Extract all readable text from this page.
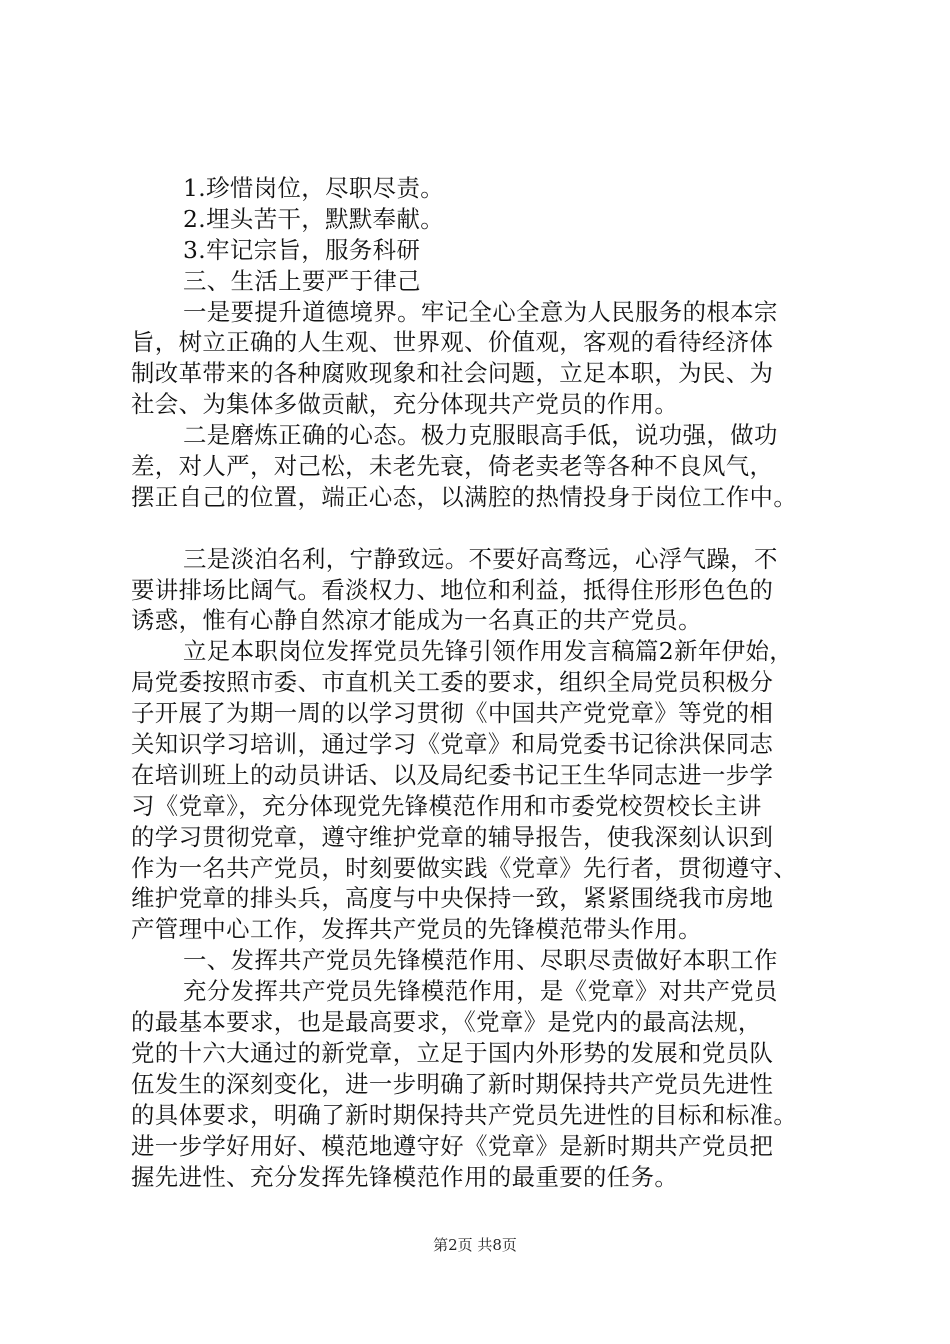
1.珍惜岗位，尽职尽责。
2.埋头苦干，默默奉献。
3.牢记宗旨，服务科研
三、生活上要严于律己
一是要提升道德境界。牢记全心全意为人民服务的根本宗
旨，树立正确的人生观、世界观、价值观，客观的看待经济体
制改革带来的各种腐败现象和社会问题，立足本职，为民、为
社会、为集体多做贡献，充分体现共产党员的作用。
二是磨炼正确的心态。极力克服眼高手低，说功强，做功
差，对人严，对己松，未老先衰，倚老卖老等各种不良风气，
摆正自己的位置，端正心态，以满腔的热情投身于岗位工作中。
三是淡泊名利，宁静致远。不要好高骛远，心浮气躁，不
要讲排场比阔气。看淡权力、地位和利益，抵得住形形色色的
诱惑，惟有心静自然凉才能成为一名真正的共产党员。
立足本职岗位发挥党员先锋引领作用发言稿篇2新年伊始，
局党委按照市委、市直机关工委的要求，组织全局党员积极分
子开展了为期一周的以学习贯彻《中国共产党党章》等党的相
关知识学习培训，通过学习《党章》和局党委书记徐洪保同志
在培训班上的动员讲话、以及局纪委书记王生华同志进一步学
习《党章》，充分体现党先锋模范作用和市委党校贺校长主讲
的学习贯彻党章，遵守维护党章的辅导报告，使我深刻认识到
作为一名共产党员，时刻要做实践《党章》先行者，贯彻遵守、
维护党章的排头兵，高度与中央保持一致，紧紧围绕我市房地
产管理中心工作，发挥共产党员的先锋模范带头作用。
一、发挥共产党员先锋模范作用、尽职尽责做好本职工作
充分发挥共产党员先锋模范作用，是《党章》对共产党员
的最基本要求，也是最高要求，《党章》是党内的最高法规，
党的十六大通过的新党章，立足于国内外形势的发展和党员队
伍发生的深刻变化，进一步明确了新时期保持共产党员先进性
的具体要求，明确了新时期保持共产党员先进性的目标和标准。
进一步学好用好、模范地遵守好《党章》是新时期共产党员把
握先进性、充分发挥先锋模范作用的最重要的任务。
第2页 共8页
